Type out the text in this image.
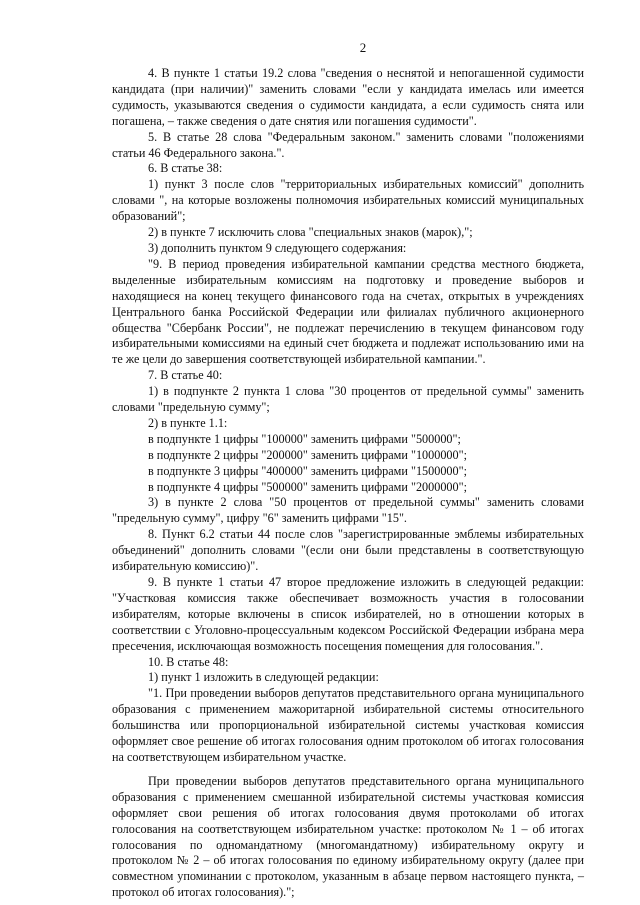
2

4. В пункте 1 статьи 19.2 слова "сведения о неснятой и непогашенной судимости кандидата (при наличии)" заменить словами "если у кандидата имелась или имеется судимость, указываются сведения о судимости кандидата, а если судимость снята или погашена, – также сведения о дате снятия или погашения судимости".

5. В статье 28 слова "Федеральным законом." заменить словами "положениями статьи 46 Федерального закона.".

6. В статье 38:

1) пункт 3 после слов "территориальных избирательных комиссий" дополнить словами ", на которые возложены полномочия избирательных комиссий муниципальных образований";

2) в пункте 7 исключить слова "специальных знаков (марок),";

3) дополнить пунктом 9 следующего содержания:

"9. В период проведения избирательной кампании средства местного бюджета, выделенные избирательным комиссиям на подготовку и проведение выборов и находящиеся на конец текущего финансового года на счетах, открытых в учреждениях Центрального банка Российской Федерации или филиалах публичного акционерного общества "Сбербанк России", не подлежат перечислению в текущем финансовом году избирательными комиссиями на единый счет бюджета и подлежат использованию ими на те же цели до завершения соответствующей избирательной кампании.".

7. В статье 40:

1) в подпункте 2 пункта 1 слова "30 процентов от предельной суммы" заменить словами "предельную сумму";

2) в пункте 1.1:

в подпункте 1 цифры "100000" заменить цифрами "500000";

в подпункте 2 цифры "200000" заменить цифрами "1000000";

в подпункте 3 цифры "400000" заменить цифрами "1500000";

в подпункте 4 цифры "500000" заменить цифрами "2000000";

3) в пункте 2 слова "50 процентов от предельной суммы" заменить словами "предельную сумму", цифру "6" заменить цифрами "15".

8. Пункт 6.2 статьи 44 после слов "зарегистрированные эмблемы избирательных объединений" дополнить словами "(если они были представлены в соответствующую избирательную комиссию)".

9. В пункте 1 статьи 47 второе предложение изложить в следующей редакции: "Участковая комиссия также обеспечивает возможность участия в голосовании избирателям, которые включены в список избирателей, но в отношении которых в соответствии с Уголовно-процессуальным кодексом Российской Федерации избрана мера пресечения, исключающая возможность посещения помещения для голосования.".

10. В статье 48:

1) пункт 1 изложить в следующей редакции:

"1. При проведении выборов депутатов представительного органа муниципального образования с применением мажоритарной избирательной системы относительного большинства или пропорциональной избирательной системы участковая комиссия оформляет свое решение об итогах голосования одним протоколом об итогах голосования на соответствующем избирательном участке.

При проведении выборов депутатов представительного органа муниципального образования с применением смешанной избирательной системы участковая комиссия оформляет свои решения об итогах голосования двумя протоколами об итогах голосования на соответствующем избирательном участке: протоколом № 1 – об итогах голосования по одномандатному (многомандатному) избирательному округу и протоколом № 2 – об итогах голосования по единому избирательному округу (далее при совместном упоминании с протоколом, указанным в абзаце первом настоящего пункта, – протокол об итогах голосования).";
